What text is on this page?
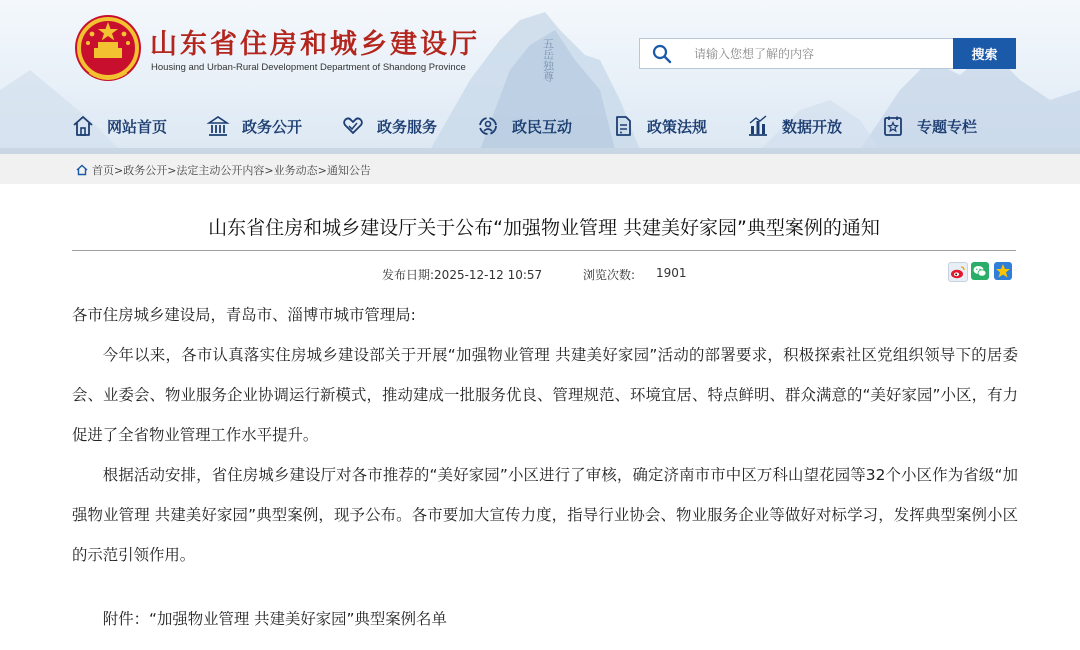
五岳独尊
山东省住房和城乡建设厅
Housing and Urban-Rural Development Department of Shandong Province
请输入您想了解的内容
搜索
网站首页	政务公开	政务服务	政民互动	政策法规	数据开放	专题专栏
首页>政务公开>法定主动公开内容>业务动态>通知公告
山东省住房和城乡建设厅关于公布“加强物业管理 共建美好家园”典型案例的通知
发布日期:2025-12-12 10:57	浏览次数: 1901
各市住房城乡建设局，青岛市、淄博市城市管理局:
今年以来，各市认真落实住房城乡建设部关于开展“加强物业管理 共建美好家园”活动的部署要求，积极探索社区党组织领导下的居委会、业委会、物业服务企业协调运行新模式，推动建成一批服务优良、管理规范、环境宜居、特点鲜明、群众满意的“美好家园”小区，有力促进了全省物业管理工作水平提升。
根据活动安排，省住房城乡建设厅对各市推荐的“美好家园”小区进行了审核，确定济南市市中区万科山望花园等32个小区作为省级“加强物业管理 共建美好家园”典型案例，现予公布。各市要加大宣传力度，指导行业协会、物业服务企业等做好对标学习，发挥典型案例小区的示范引领作用。
附件：“加强物业管理 共建美好家园”典型案例名单
